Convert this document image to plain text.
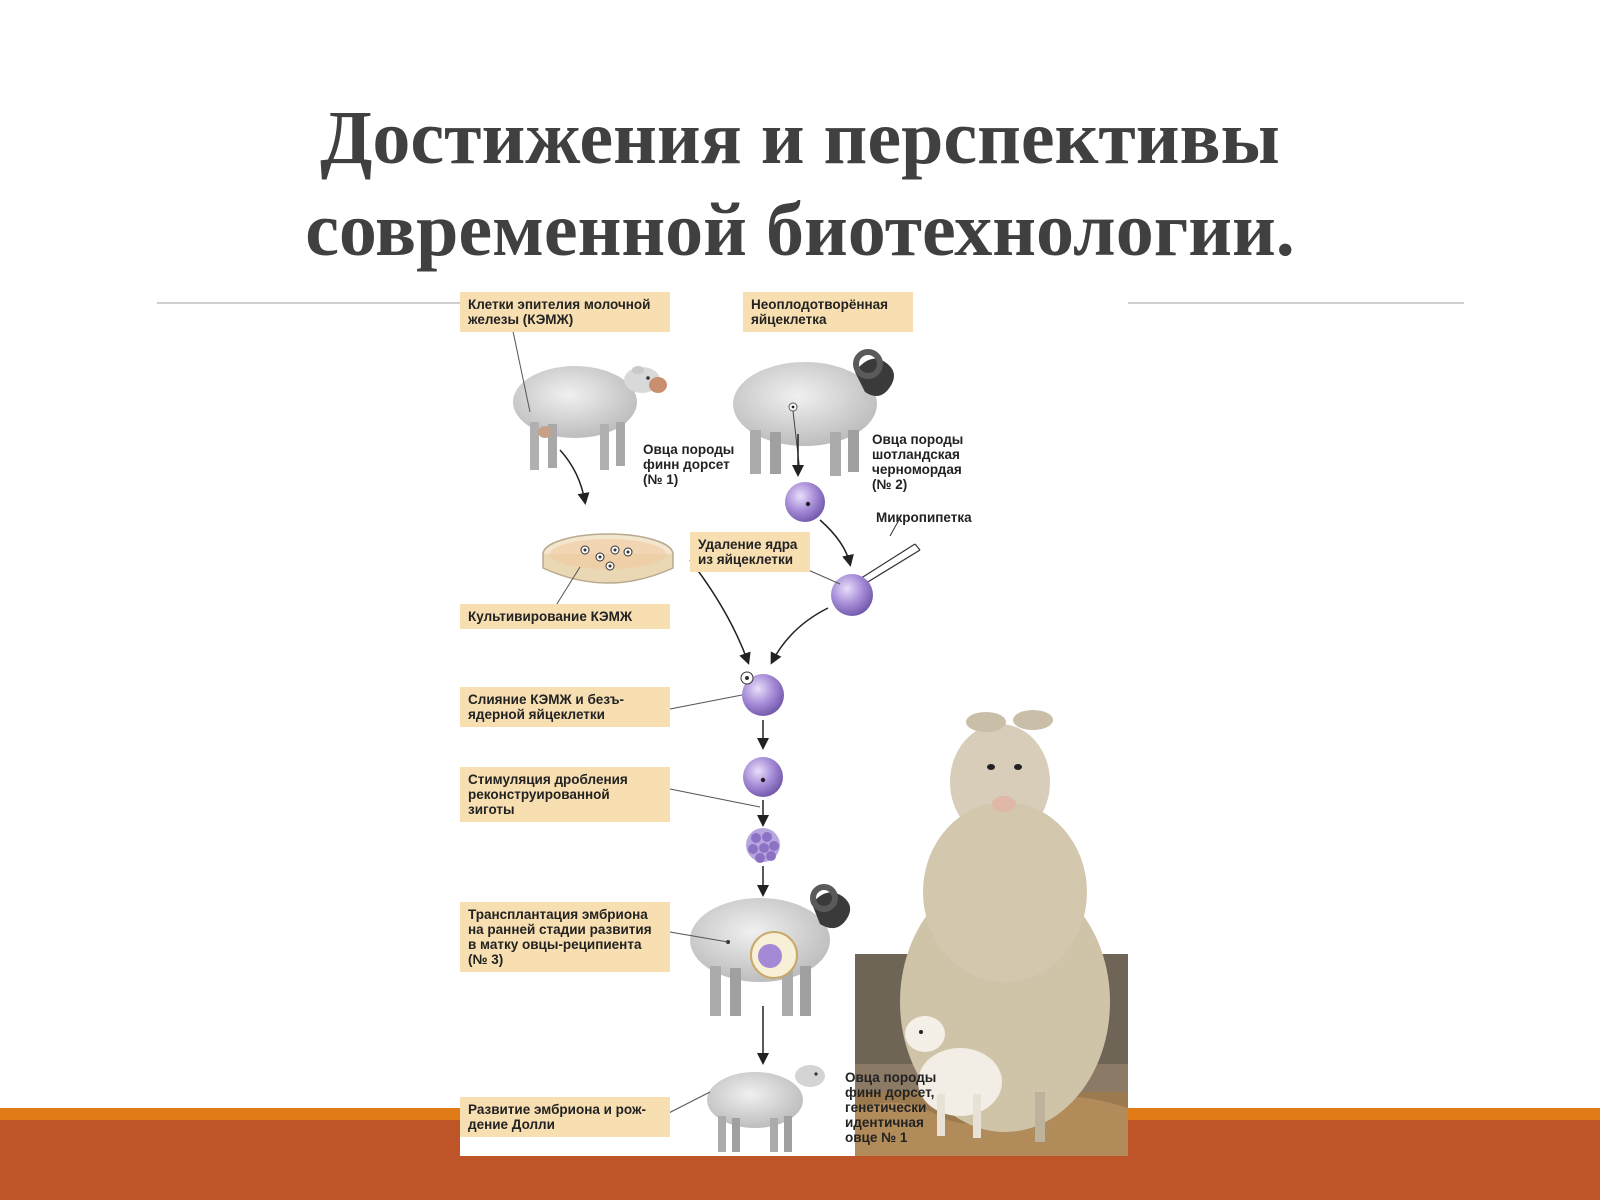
Достижения и перспективы
современной биотехнологии.
Клетки эпителия молочной
железы (КЭМЖ)
Неоплодотворённая
яйцеклетка
Овца породы
финн дорсет
(№ 1)
Овца породы
шотландская
черномордая
(№ 2)
Микропипетка
Удаление ядра
из яйцеклетки
Культивирование КЭМЖ
Слияние КЭМЖ и безъ-
ядерной яйцеклетки
Стимуляция дробления
реконструированной
зиготы
Трансплантация эмбриона
на ранней стадии развития
в матку овцы-реципиента
(№ 3)
Развитие эмбриона и рож-
дение Долли
Овца породы
финн дорсет,
генетически
идентичная
овце № 1
